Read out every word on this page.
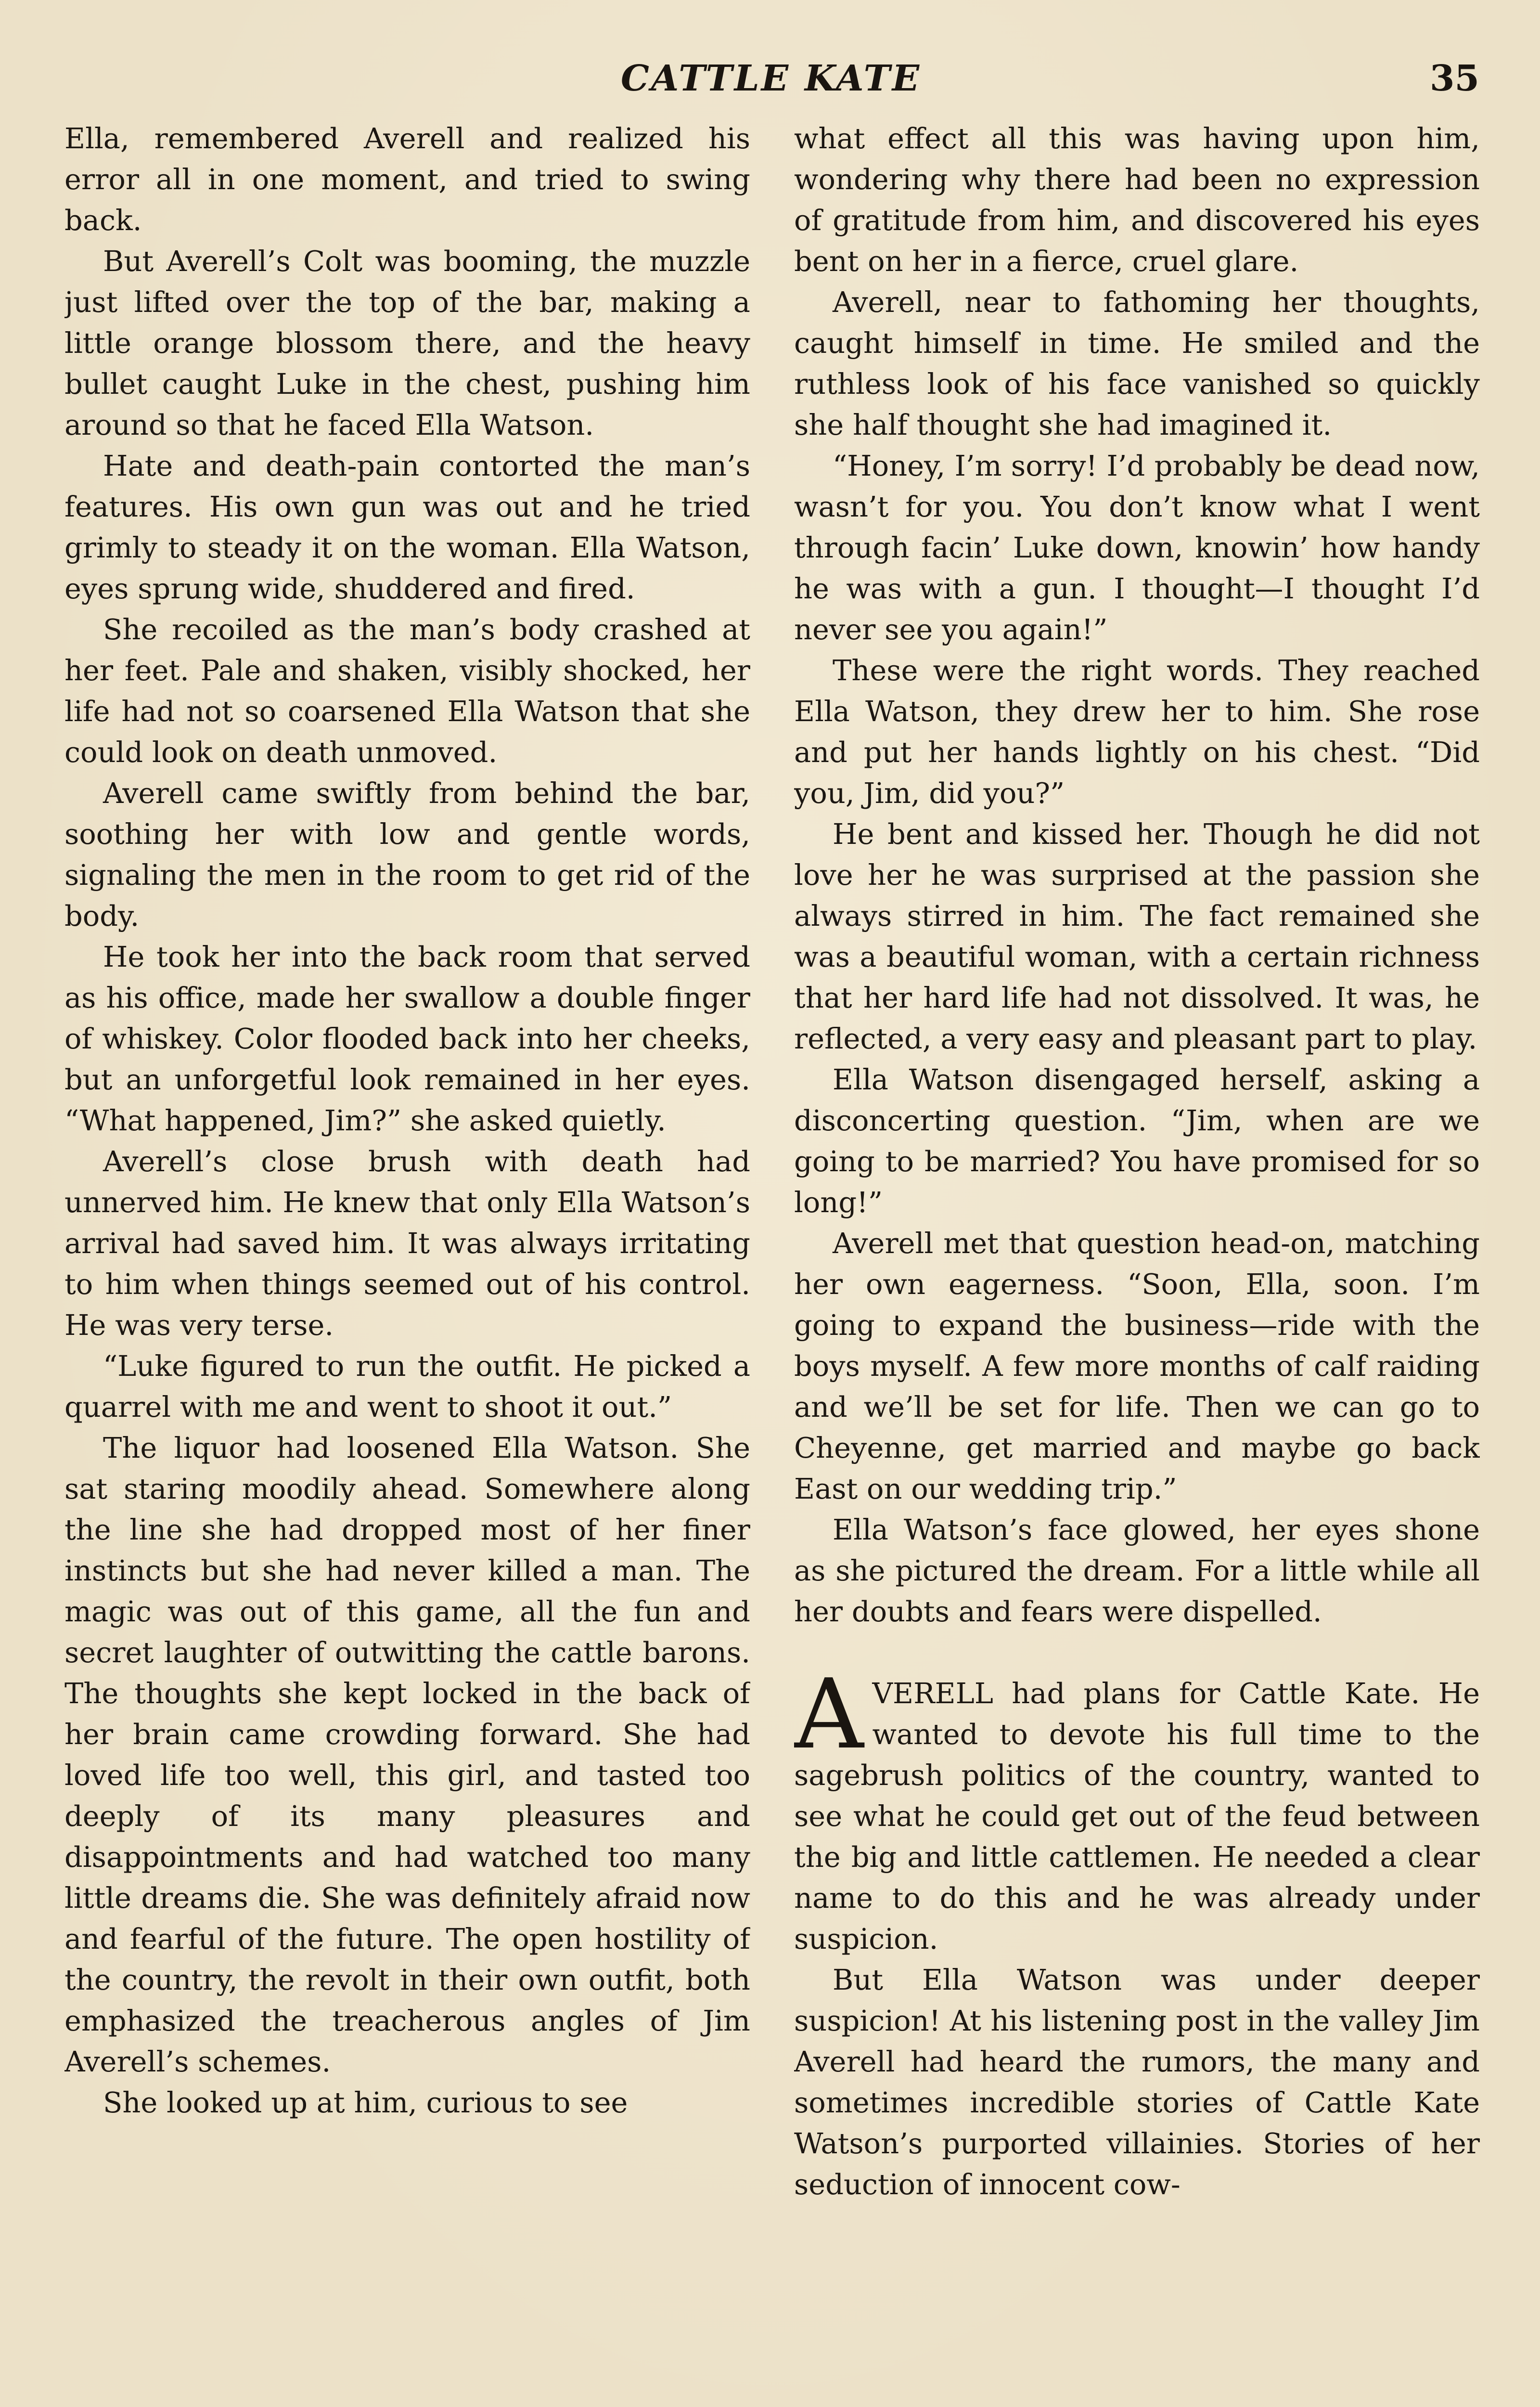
CATTLE KATE	35

Ella, remembered Averell and realized his error all in one moment, and tried to swing back.

But Averell’s Colt was booming, the muzzle just lifted over the top of the bar, making a little orange blossom there, and the heavy bullet caught Luke in the chest, pushing him around so that he faced Ella Watson.

Hate and death-pain contorted the man’s features. His own gun was out and he tried grimly to steady it on the woman. Ella Watson, eyes sprung wide, shuddered and fired.

She recoiled as the man’s body crashed at her feet. Pale and shaken, visibly shocked, her life had not so coarsened Ella Watson that she could look on death unmoved.

Averell came swiftly from behind the bar, soothing her with low and gentle words, signaling the men in the room to get rid of the body.

He took her into the back room that served as his office, made her swallow a double finger of whiskey. Color flooded back into her cheeks, but an unforgetful look remained in her eyes. “What happened, Jim?” she asked quietly.

Averell’s close brush with death had unnerved him. He knew that only Ella Watson’s arrival had saved him. It was always irritating to him when things seemed out of his control. He was very terse.

“Luke figured to run the outfit. He picked a quarrel with me and went to shoot it out.”

The liquor had loosened Ella Watson. She sat staring moodily ahead. Somewhere along the line she had dropped most of her finer instincts but she had never killed a man. The magic was out of this game, all the fun and secret laughter of outwitting the cattle barons. The thoughts she kept locked in the back of her brain came crowding forward. She had loved life too well, this girl, and tasted too deeply of its many pleasures and disappointments and had watched too many little dreams die. She was definitely afraid now and fearful of the future. The open hostility of the country, the revolt in their own outfit, both emphasized the treacherous angles of Jim Averell’s schemes.

She looked up at him, curious to see

what effect all this was having upon him, wondering why there had been no expression of gratitude from him, and discovered his eyes bent on her in a fierce, cruel glare.

Averell, near to fathoming her thoughts, caught himself in time. He smiled and the ruthless look of his face vanished so quickly she half thought she had imagined it.

“Honey, I’m sorry! I’d probably be dead now, wasn’t for you. You don’t know what I went through facin’ Luke down, knowin’ how handy he was with a gun. I thought—I thought I’d never see you again!”

These were the right words. They reached Ella Watson, they drew her to him. She rose and put her hands lightly on his chest. “Did you, Jim, did you?”

He bent and kissed her. Though he did not love her he was surprised at the passion she always stirred in him. The fact remained she was a beautiful woman, with a certain richness that her hard life had not dissolved. It was, he reflected, a very easy and pleasant part to play.

Ella Watson disengaged herself, asking a disconcerting question. “Jim, when are we going to be married? You have promised for so long!”

Averell met that question head-on, matching her own eagerness. “Soon, Ella, soon. I’m going to expand the business—ride with the boys myself. A few more months of calf raiding and we’ll be set for life. Then we can go to Cheyenne, get married and maybe go back East on our wedding trip.”

Ella Watson’s face glowed, her eyes shone as she pictured the dream. For a little while all her doubts and fears were dispelled.

AVERELL had plans for Cattle Kate. He wanted to devote his full time to the sagebrush politics of the country, wanted to see what he could get out of the feud between the big and little cattlemen. He needed a clear name to do this and he was already under suspicion.

But Ella Watson was under deeper suspicion! At his listening post in the valley Jim Averell had heard the rumors, the many and sometimes incredible stories of Cattle Kate Watson’s purported villainies. Stories of her seduction of innocent cow-
